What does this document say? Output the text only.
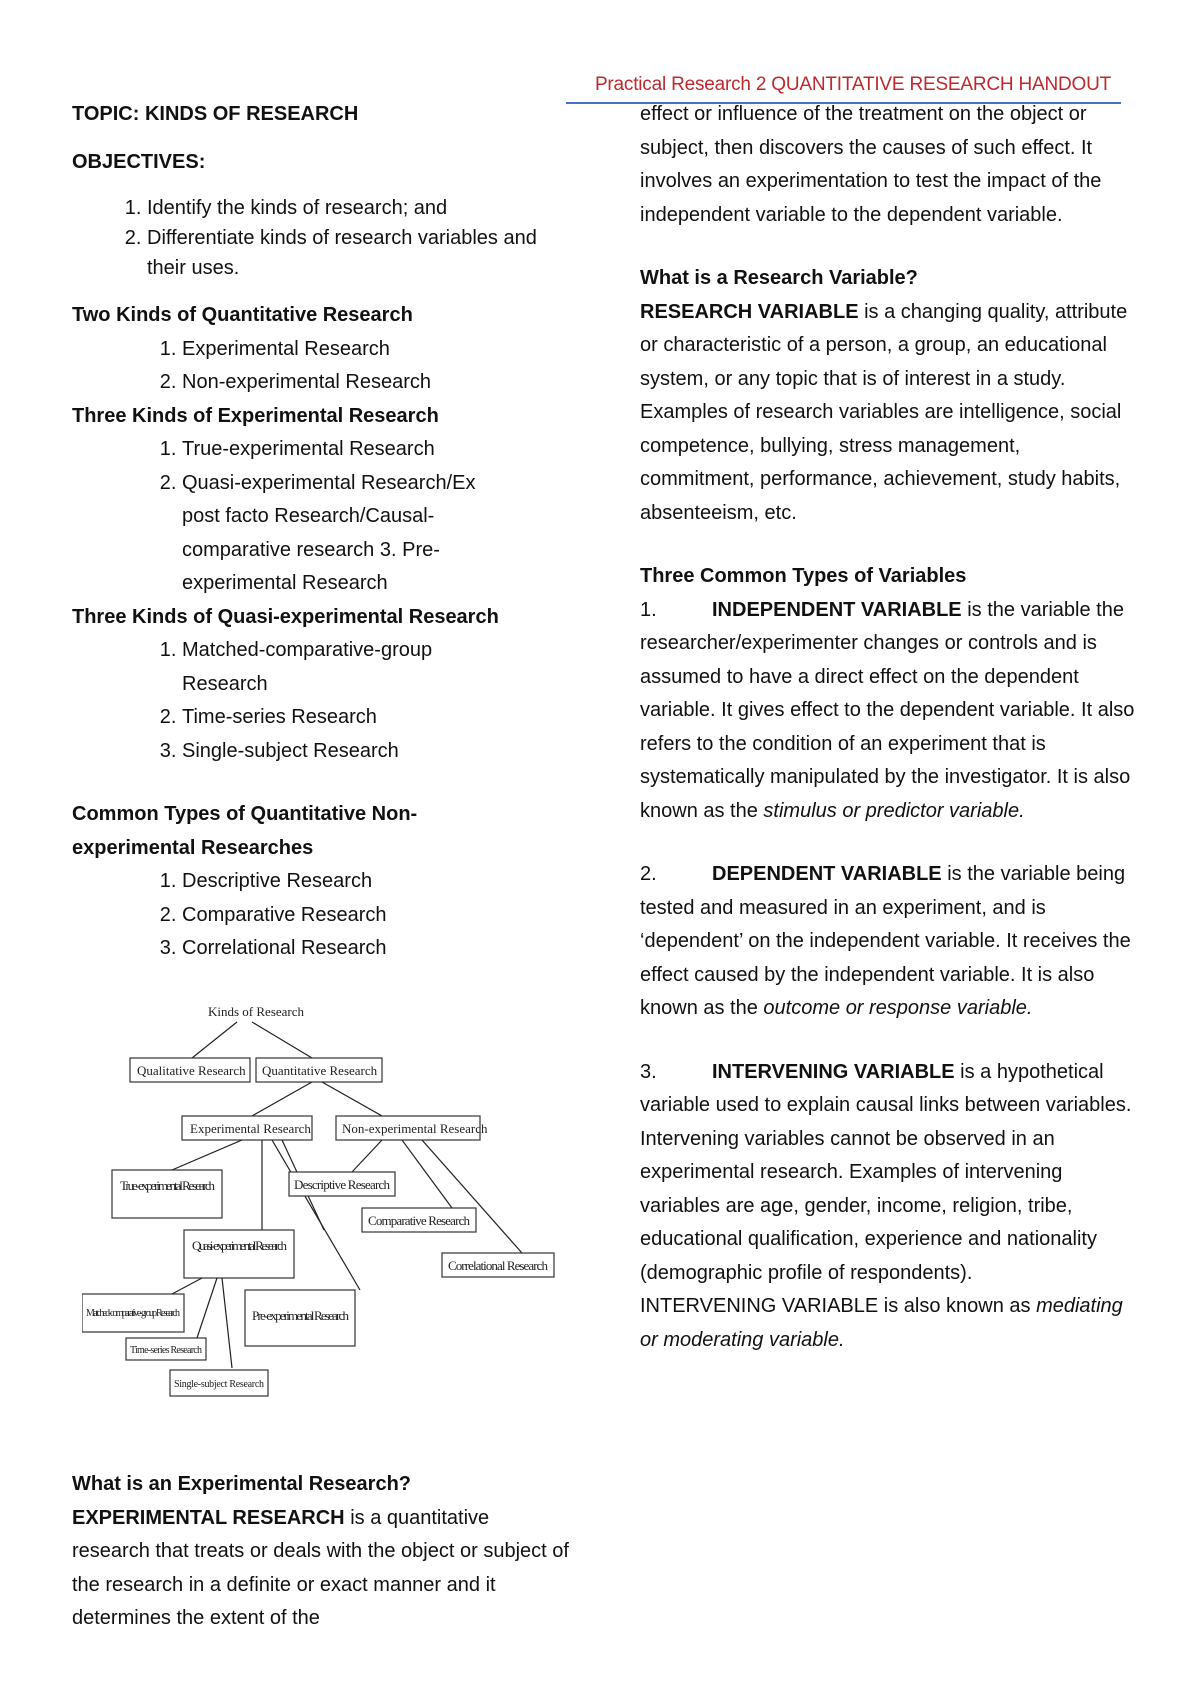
Practical Research 2 QUANTITATIVE RESEARCH HANDOUT

TOPIC: KINDS OF RESEARCH

OBJECTIVES:

1. Identify the kinds of research; and
2. Differentiate kinds of research variables and their uses.

Two Kinds of Quantitative Research

1. Experimental Research
2. Non-experimental Research

Three Kinds of Experimental Research

1. True-experimental Research
2. Quasi-experimental Research/Ex post facto Research/Causal-comparative research 3. Pre-experimental Research

Three Kinds of Quasi-experimental Research

1. Matched-comparative-group Research
2. Time-series Research
3. Single-subject Research

Common Types of Quantitative Non-experimental Researches

1. Descriptive Research
2. Comparative Research
3. Correlational Research
Kinds of Research
Qualitative Research Quantitative Research
Experimental Research Non-experimental Research
True-experimental Research	Descriptive Research
Comparative Research
Correlational Research
Quasi-experimental Research
Pre-experimental Research
Matched-comparative-group Research
Time-series Research
Single-subject Research

What is an Experimental Research?

EXPERIMENTAL RESEARCH is a quantitative research that treats or deals with the object or subject of the research in a definite or exact manner and it determines the extent of the

effect or influence of the treatment on the object or subject, then discovers the causes of such effect. It involves an experimentation to test the impact of the independent variable to the dependent variable.

What is a Research Variable?

RESEARCH VARIABLE is a changing quality, attribute or characteristic of a person, a group, an educational system, or any topic that is of interest in a study. Examples of research variables are intelligence, social competence, bullying, stress management, commitment, performance, achievement, study habits, absenteeism, etc.

Three Common Types of Variables

1.	INDEPENDENT VARIABLE is the variable the researcher/experimenter changes or controls and is assumed to have a direct effect on the dependent variable. It gives effect to the dependent variable. It also refers to the condition of an experiment that is systematically manipulated by the investigator. It is also known as the stimulus or predictor variable.

2.	DEPENDENT VARIABLE is the variable being tested and measured in an experiment, and is ‘dependent’ on the independent variable. It receives the effect caused by the independent variable. It is also known as the outcome or response variable.

3.	INTERVENING VARIABLE is a hypothetical variable used to explain causal links between variables. Intervening variables cannot be observed in an experimental research. Examples of intervening variables are age, gender, income, religion, tribe, educational qualification, experience and nationality (demographic profile of respondents).

INTERVENING VARIABLE is also known as mediating or moderating variable.
